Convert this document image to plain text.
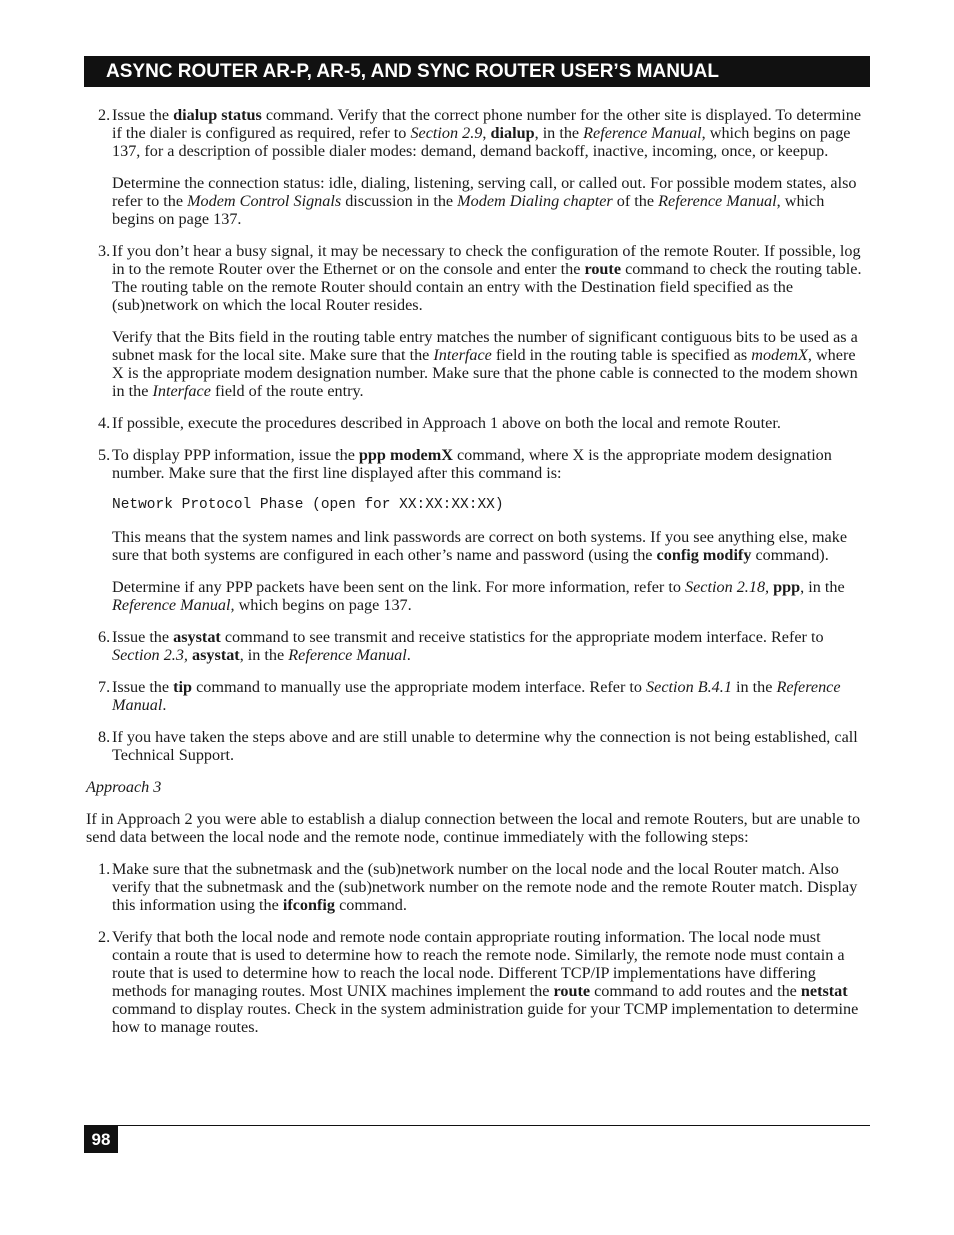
ASYNC ROUTER AR-P, AR-5, AND SYNC ROUTER USER’S MANUAL
2. Issue the dialup status command. Verify that the correct phone number for the other site is displayed. To determine if the dialer is configured as required, refer to Section 2.9, dialup, in the Reference Manual, which begins on page 137, for a description of possible dialer modes: demand, demand backoff, inactive, incoming, once, or keepup.
Determine the connection status: idle, dialing, listening, serving call, or called out. For possible modem states, also refer to the Modem Control Signals discussion in the Modem Dialing chapter of the Reference Manual, which begins on page 137.
3. If you don’t hear a busy signal, it may be necessary to check the configuration of the remote Router. If possible, log in to the remote Router over the Ethernet or on the console and enter the route command to check the routing table. The routing table on the remote Router should contain an entry with the Destination field specified as the (sub)network on which the local Router resides.
Verify that the Bits field in the routing table entry matches the number of significant contiguous bits to be used as a subnet mask for the local site. Make sure that the Interface field in the routing table is specified as modemX, where X is the appropriate modem designation number. Make sure that the phone cable is connected to the modem shown in the Interface field of the route entry.
4. If possible, execute the procedures described in Approach 1 above on both the local and remote Router.
5. To display PPP information, issue the ppp modemX command, where X is the appropriate modem designation number. Make sure that the first line displayed after this command is:
Network Protocol Phase (open for XX:XX:XX:XX)
This means that the system names and link passwords are correct on both systems. If you see anything else, make sure that both systems are configured in each other’s name and password (using the config modify command).
Determine if any PPP packets have been sent on the link. For more information, refer to Section 2.18, ppp, in the Reference Manual, which begins on page 137.
6. Issue the asystat command to see transmit and receive statistics for the appropriate modem interface. Refer to Section 2.3, asystat, in the Reference Manual.
7. Issue the tip command to manually use the appropriate modem interface. Refer to Section B.4.1 in the Reference Manual.
8. If you have taken the steps above and are still unable to determine why the connection is not being established, call Technical Support.
Approach 3
If in Approach 2 you were able to establish a dialup connection between the local and remote Routers, but are unable to send data between the local node and the remote node, continue immediately with the following steps:
1. Make sure that the subnetmask and the (sub)network number on the local node and the local Router match. Also verify that the subnetmask and the (sub)network number on the remote node and the remote Router match. Display this information using the ifconfig command.
2. Verify that both the local node and remote node contain appropriate routing information. The local node must contain a route that is used to determine how to reach the remote node. Similarly, the remote node must contain a route that is used to determine how to reach the local node. Different TCP/IP implementations have differing methods for managing routes. Most UNIX machines implement the route command to add routes and the netstat command to display routes. Check in the system administration guide for your TCMP implementation to determine how to manage routes.
98
